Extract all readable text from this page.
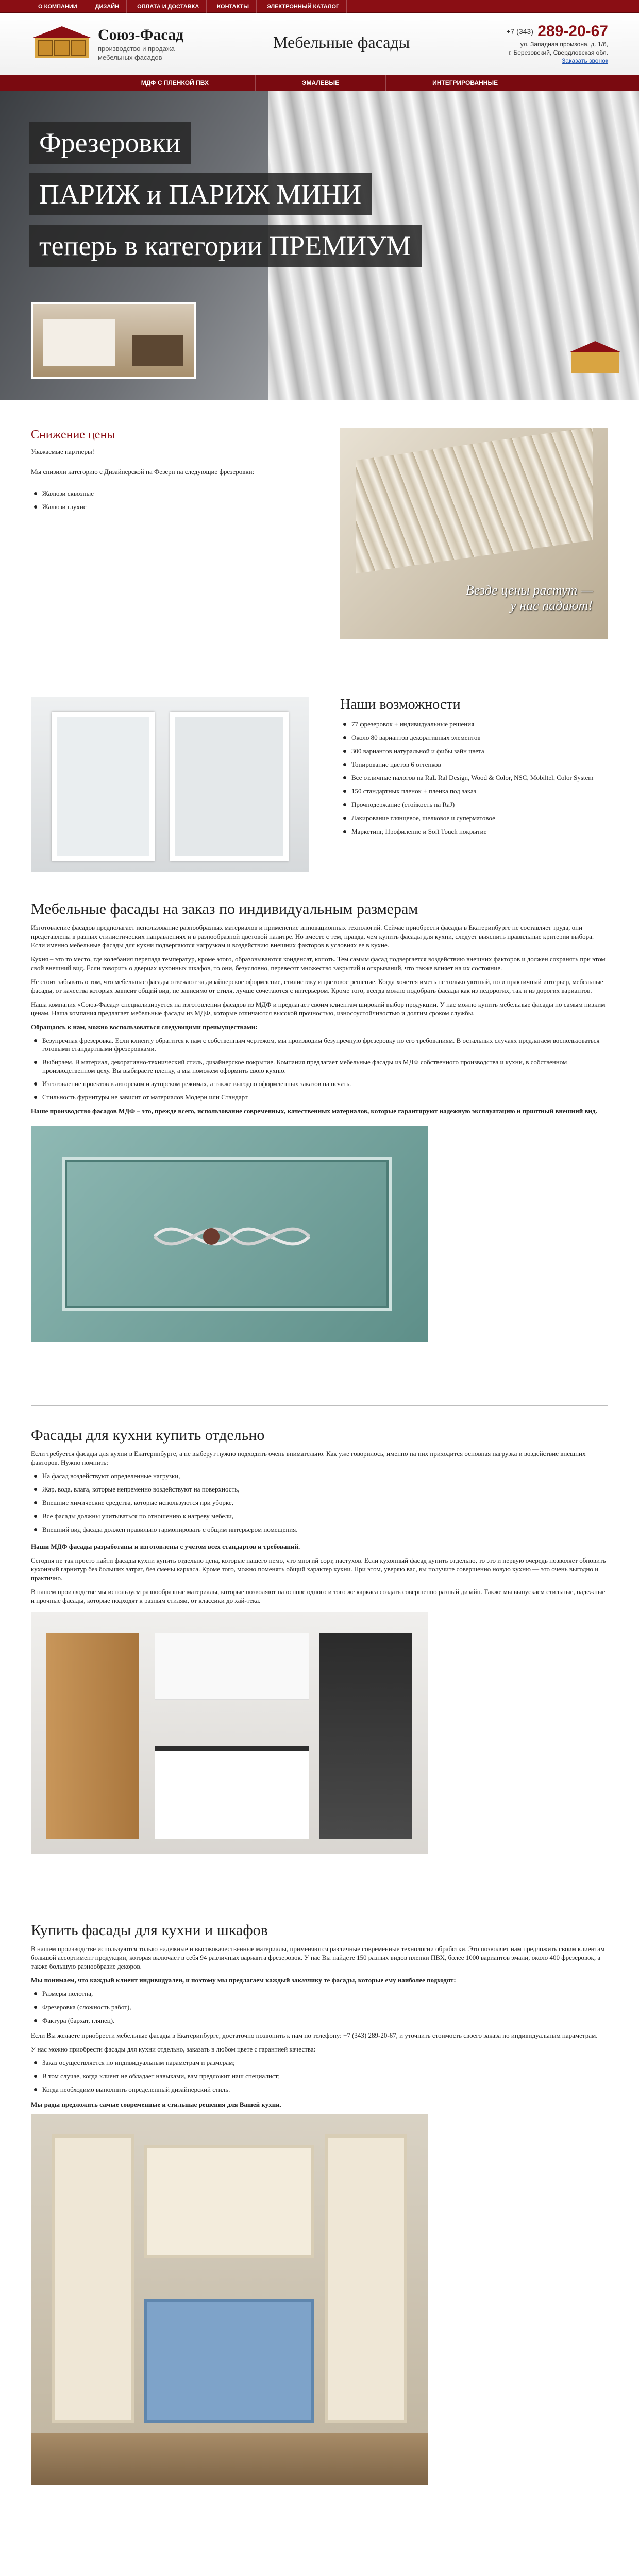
О КОМПАНИИ	ДИЗАЙН	ОПЛАТА И ДОСТАВКА	КОНТАКТЫ	ЭЛЕКТРОННЫЙ КАТАЛОГ
Союз-Фасад
производство и продажа
мебельных фасадов
Мебельные фасады
$^{+7 (343)}$ 289-20-67
ул. Западная промзона, д. 1/6,
г. Березовский, Свердловская обл.
Заказать звонок
МДФ С ПЛЕНКОЙ ПВХ	ЭМАЛЕВЫЕ	ИНТЕГРИРОВАННЫЕ
Фрезеровки
ПАРИЖ и ПАРИЖ МИНИ
теперь в категории ПРЕМИУМ
Снижение цены

Уважаемые партнеры!

Мы снизили категорию с Дизайнерской на Фезерн на следующие фрезеровки:

Жалюзи сквозные
Жалюзи глухие
Везде цены растут —
у нас падают!
Наши возможности
77 фрезеровок + индивидуальные решения
Около 80 вариантов декоративных элементов
300 вариантов натуральной и фибы зайн цвета
Тонирование цветов 6 оттенков
Все отличные налогов на RaL Ral Design, Wood & Color, NSC, Mobiltel, Color System
150 стандартных пленок + пленка под заказ
Прочнодержание (стойкость на RaJ)
Лакирование глянцевое, шелковое и суперматовое
Маркетинг, Профиление и Soft Touch покрытие
Мебельные фасады на заказ по индивидуальным размерам

Изготовление фасадов предполагает использование разнообразных материалов и применение инновационных технологий. Сейчас приобрести фасады в Екатеринбурге не составляет труда, они представлены в разных стилистических направлениях и в разнообразной цветовой палитре. Но вместе с тем, правда, чем купить фасады для кухни, следует выяснить правильные критерии выбора. Если именно мебельные фасады для кухни подвергаются нагрузкам и воздействию внешних факторов в условиях ее в кухне.

Кухня – это то место, где колебания перепада температур, кроме этого, образовываются конденсат, копоть. Тем самым фасад подвергается воздействию внешних факторов и должен сохранять при этом свой внешний вид. Если говорить о дверцах кухонных шкафов, то они, безусловно, перевесят множество закрытий и открываний, что также влияет на их состояние.

Не стоит забывать о том, что мебельные фасады отвечают за дизайнерское оформление, стилистику и цветовое решение. Когда хочется иметь не только уютный, но и практичный интерьер, мебельные фасады, от качества которых зависит общий вид, не зависимо от стиля, лучше сочетаются с интерьером. Кроме того, всегда можно подобрать фасады как из недорогих, так и из дорогих вариантов.

Наша компания «Союз-Фасад» специализируется на изготовлении фасадов из МДФ и предлагает своим клиентам широкий выбор продукции. У нас можно купить мебельные фасады по самым низким ценам. Наша компания предлагает мебельные фасады из МДФ, которые отличаются высокой прочностью, износоустойчивостью и долгим сроком службы.

Обращаясь к нам, можно воспользоваться следующими преимуществами:

Безупречная фрезеровка. Если клиенту обратится к нам с собственным чертежом, мы производим безупречную фрезеровку по его требованиям. В остальных случаях предлагаем воспользоваться готовыми стандартными фрезеровками.
Выбираем. В материал, декоративно-технический стиль, дизайнерское покрытие. Компания предлагает мебельные фасады из МДФ собственного производства и кухни, в собственном производственном цеху. Вы выбираете пленку, а мы поможем оформить свою кухню.
Изготовление проектов в авторском и ауторском режимах, а также выгодно оформленных заказов на печать.
Стильность фурнитуры не зависит от материалов Модерн или Стандарт

Наше производство фасадов МДФ – это, прежде всего, использование современных, качественных материалов, которые гарантируют надежную эксплуатацию и приятный внешний вид.

Фасады для кухни купить отдельно

Если требуется фасады для кухни в Екатеринбурге, а не выберут нужно подходить очень внимательно. Как уже говорилось, именно на них приходится основная нагрузка и воздействие внешних факторов. Нужно помнить:

На фасад воздействуют определенные нагрузки,
Жар, вода, влага, которые непременно воздействуют на поверхность,
Внешние химические средства, которые используются при уборке,
Все фасады должны учитываться по отношению к нагреву мебели,
Внешний вид фасада должен правильно гармонировать с общим интерьером помещения.

Наши МДФ фасады разработаны и изготовлены с учетом всех стандартов и требований.

Сегодня не так просто найти фасады кухни купить отдельно цена, которые нашего немо, что многий сорт, пастухов. Если кухонный фасад купить отдельно, то это и первую очередь позволяет обновить кухонный гарнитур без больших затрат, без смены каркаса. Кроме того, можно поменять общий характер кухни. При этом, уверяю вас, вы получите совершенно новую кухню — это очень выгодно и практично.

В нашем производстве мы используем разнообразные материалы, которые позволяют на основе одного и того же каркаса создать совершенно разный дизайн. Также мы выпускаем стильные, надежные и прочные фасады, которые подходят к разным стилям, от классики до хай-тека.

Купить фасады для кухни и шкафов

В нашем производстве используются только надежные и высококачественные материалы, применяются различные современные технологии обработки. Это позволяет нам предложить своим клиентам большой ассортимент продукции, которая включает в себя 94 различных варианта фрезеровок. У нас Вы найдете 150 разных видов пленки ПВХ, более 1000 вариантов эмали, около 400 фрезеровок, а также большую разнообразие декоров.

Мы понимаем, что каждый клиент индивидуален, и поэтому мы предлагаем каждый заказчику те фасады, которые ему наиболее подходят:

Размеры полотна,
Фрезеровка (сложность работ),
Фактура (бархат, глянец).

Если Вы желаете приобрести мебельные фасады в Екатеринбурге, достаточно позвонить к нам по телефону: +7 (343) 289-20-67, и уточнить стоимость своего заказа по индивидуальным параметрам.

У нас можно приобрести фасады для кухни отдельно, заказать в любом цвете с гарантией качества:

Заказ осуществляется по индивидуальным параметрам и размерам;
В том случае, когда клиент не обладает навыками, вам предложит наш специалист;
Когда необходимо выполнить определенный дизайнерский стиль.

Мы рады предложить самые современные и стильные решения для Вашей кухни.
